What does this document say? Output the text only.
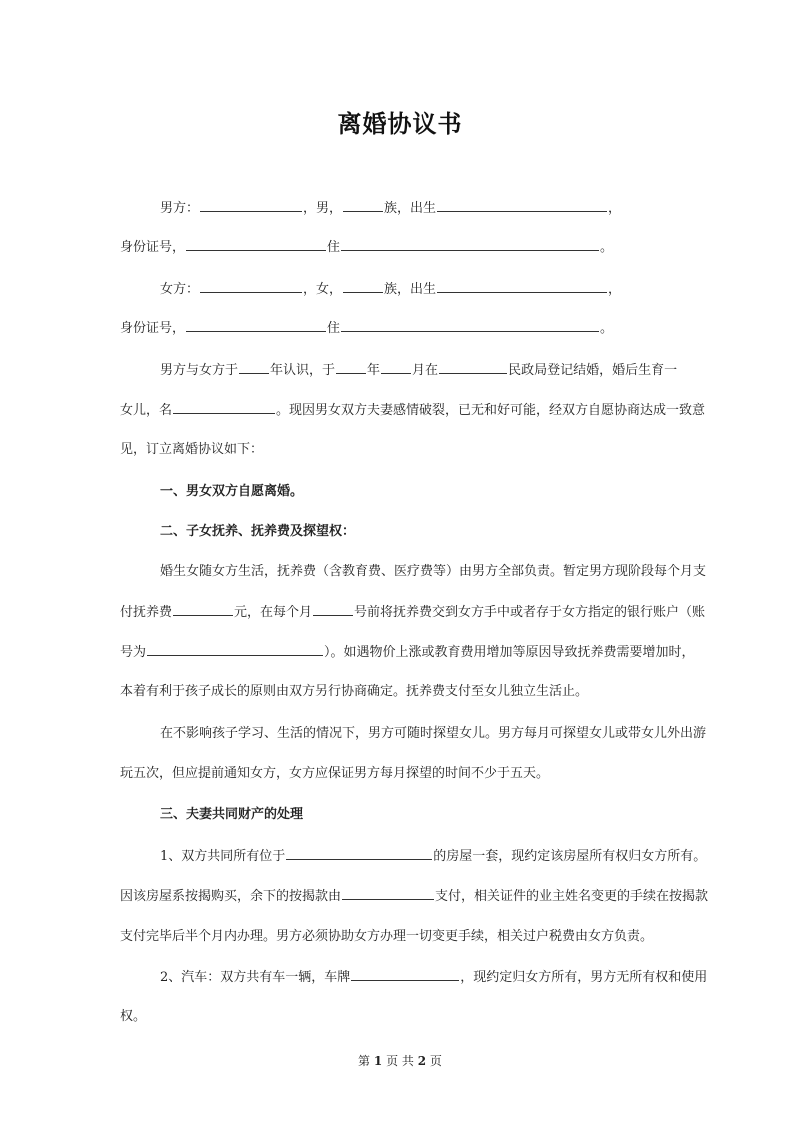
离婚协议书
男方：	，男，	族，出生	，
身份证号，	住	。
女方：	，女，	族，出生	，
身份证号，	住	。
男方与女方于 年认识，于 年 月在	民政局登记结婚，婚后生育一
女儿，名	。现因男女双方夫妻感情破裂，已无和好可能，经双方自愿协商达成一致意
见，订立离婚协议如下：
一、男女双方自愿离婚。
二、子女抚养、抚养费及探望权：
婚生女随女方生活，抚养费（含教育费、医疗费等）由男方全部负责。暂定男方现阶段每个月支
付抚养费	元，在每个月	号前将抚养费交到女方手中或者存于女方指定的银行账户（账
号为	）。如遇物价上涨或教育费用增加等原因导致抚养费需要增加时，
本着有利于孩子成长的原则由双方另行协商确定。抚养费支付至女儿独立生活止。
在不影响孩子学习、生活的情况下，男方可随时探望女儿。男方每月可探望女儿或带女儿外出游
玩五次，但应提前通知女方，女方应保证男方每月探望的时间不少于五天。
三、夫妻共同财产的处理
1、双方共同所有位于	的房屋一套，现约定该房屋所有权归女方所有。
因该房屋系按揭购买，余下的按揭款由	支付，相关证件的业主姓名变更的手续在按揭款
支付完毕后半个月内办理。男方必须协助女方办理一切变更手续，相关过户税费由女方负责。
2、汽车：双方共有车一辆，车牌	，现约定归女方所有，男方无所有权和使用
权。
第 1 页 共 2 页
